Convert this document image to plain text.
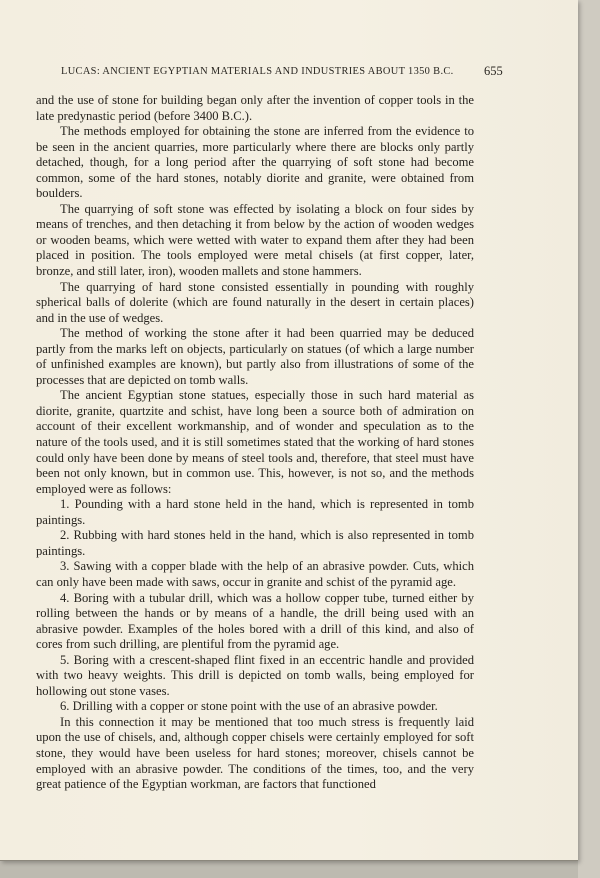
LUCAS: ANCIENT EGYPTIAN MATERIALS AND INDUSTRIES ABOUT 1350 B.C.	655

and the use of stone for building began only after the invention of copper tools in the late predynastic period (before 3400 B.C.).

The methods employed for obtaining the stone are inferred from the evidence to be seen in the ancient quarries, more particularly where there are blocks only partly detached, though, for a long period after the quarrying of soft stone had become common, some of the hard stones, notably diorite and granite, were obtained from boulders.

The quarrying of soft stone was effected by isolating a block on four sides by means of trenches, and then detaching it from below by the action of wooden wedges or wooden beams, which were wetted with water to expand them after they had been placed in position. The tools employed were metal chisels (at first copper, later, bronze, and still later, iron), wooden mallets and stone hammers.

The quarrying of hard stone consisted essentially in pounding with roughly spherical balls of dolerite (which are found naturally in the desert in certain places) and in the use of wedges.

The method of working the stone after it had been quarried may be deduced partly from the marks left on objects, particularly on statues (of which a large number of unfinished examples are known), but partly also from illustrations of some of the processes that are depicted on tomb walls.

The ancient Egyptian stone statues, especially those in such hard material as diorite, granite, quartzite and schist, have long been a source both of admiration on account of their excellent workmanship, and of wonder and speculation as to the nature of the tools used, and it is still sometimes stated that the working of hard stones could only have been done by means of steel tools and, therefore, that steel must have been not only known, but in common use. This, however, is not so, and the methods employed were as follows:

1. Pounding with a hard stone held in the hand, which is represented in tomb paintings.

2. Rubbing with hard stones held in the hand, which is also represented in tomb paintings.

3. Sawing with a copper blade with the help of an abrasive powder. Cuts, which can only have been made with saws, occur in granite and schist of the pyramid age.

4. Boring with a tubular drill, which was a hollow copper tube, turned either by rolling between the hands or by means of a handle, the drill being used with an abrasive powder. Examples of the holes bored with a drill of this kind, and also of cores from such drilling, are plentiful from the pyramid age.

5. Boring with a crescent-shaped flint fixed in an eccentric handle and provided with two heavy weights. This drill is depicted on tomb walls, being employed for hollowing out stone vases.

6. Drilling with a copper or stone point with the use of an abrasive powder.

In this connection it may be mentioned that too much stress is frequently laid upon the use of chisels, and, although copper chisels were certainly employed for soft stone, they would have been useless for hard stones; moreover, chisels cannot be employed with an abrasive powder. The conditions of the times, too, and the very great patience of the Egyptian workman, are factors that functioned
